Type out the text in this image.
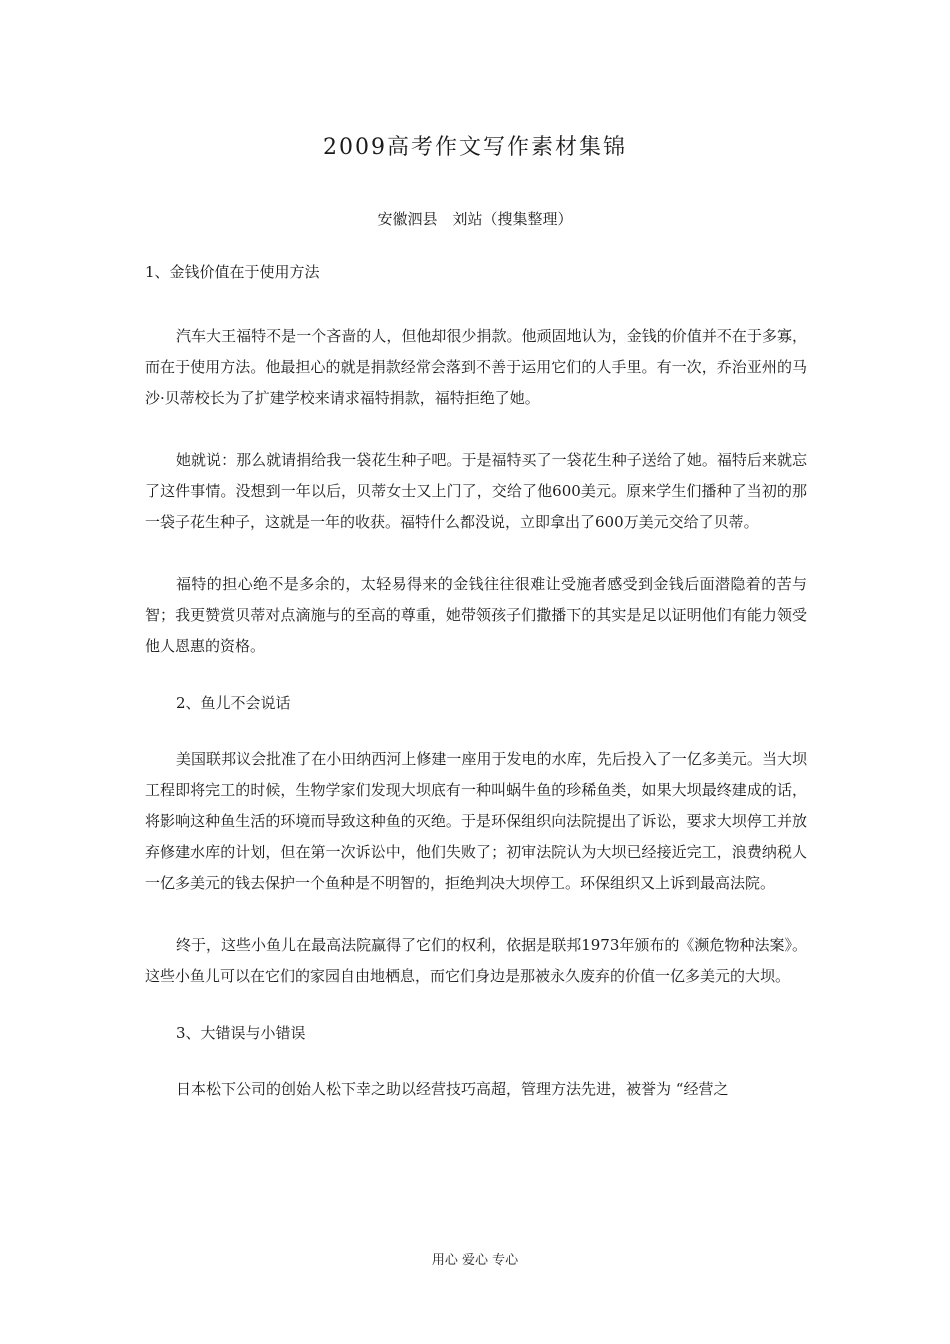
2009高考作文写作素材集锦

安徽泗县　刘站（搜集整理）

1、金钱价值在于使用方法

汽车大王福特不是一个吝啬的人，但他却很少捐款。他顽固地认为，金钱的价值并不在于多寡，而在于使用方法。他最担心的就是捐款经常会落到不善于运用它们的人手里。有一次，乔治亚州的马沙·贝蒂校长为了扩建学校来请求福特捐款，福特拒绝了她。

她就说：那么就请捐给我一袋花生种子吧。于是福特买了一袋花生种子送给了她。福特后来就忘了这件事情。没想到一年以后，贝蒂女士又上门了，交给了他600美元。原来学生们播种了当初的那一袋子花生种子，这就是一年的收获。福特什么都没说，立即拿出了600万美元交给了贝蒂。

福特的担心绝不是多余的，太轻易得来的金钱往往很难让受施者感受到金钱后面潜隐着的苦与智；我更赞赏贝蒂对点滴施与的至高的尊重，她带领孩子们撒播下的其实是足以证明他们有能力领受他人恩惠的资格。

2、鱼儿不会说话

美国联邦议会批准了在小田纳西河上修建一座用于发电的水库，先后投入了一亿多美元。当大坝工程即将完工的时候，生物学家们发现大坝底有一种叫蜗牛鱼的珍稀鱼类，如果大坝最终建成的话，将影响这种鱼生活的环境而导致这种鱼的灭绝。于是环保组织向法院提出了诉讼，要求大坝停工并放弃修建水库的计划，但在第一次诉讼中，他们失败了；初审法院认为大坝已经接近完工，浪费纳税人一亿多美元的钱去保护一个鱼种是不明智的，拒绝判决大坝停工。环保组织又上诉到最高法院。

终于，这些小鱼儿在最高法院赢得了它们的权利，依据是联邦1973年颁布的《濒危物种法案》。这些小鱼儿可以在它们的家园自由地栖息，而它们身边是那被永久废弃的价值一亿多美元的大坝。

3、大错误与小错误

日本松下公司的创始人松下幸之助以经营技巧高超，管理方法先进，被誉为 “经营之

用心 爱心 专心
